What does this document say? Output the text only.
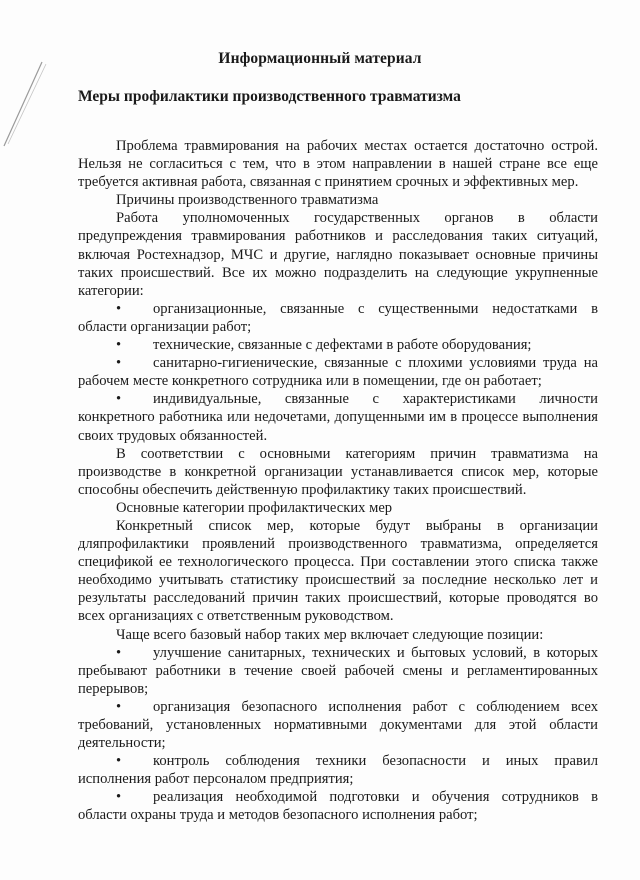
Информационный материал
Меры профилактики производственного травматизма

Проблема травмирования на рабочих местах остается достаточно острой. Нельзя не согласиться с тем, что в этом направлении в нашей стране все еще требуется активная работа, связанная с принятием срочных и эффективных мер.

Причины производственного травматизма

Работа уполномоченных государственных органов в области предупреждения травмирования работников и расследования таких ситуаций, включая Ростехнадзор, МЧС и другие, наглядно показывает основные причины таких происшествий. Все их можно подразделить на следующие укрупненные категории:

•	организационные, связанные с существенными недостатками в области организации работ;

•	технические, связанные с дефектами в работе оборудования;

•	санитарно-гигиенические, связанные с плохими условиями труда на рабочем месте конкретного сотрудника или в помещении, где он работает;

•	индивидуальные, связанные с характеристиками личности конкретного работника или недочетами, допущенными им в процессе выполнения своих трудовых обязанностей.

В соответствии с основными категориям причин травматизма на производстве в конкретной организации устанавливается список мер, которые способны обеспечить действенную профилактику таких происшествий.

Основные категории профилактических мер

Конкретный список мер, которые будут выбраны в организации дляпрофилактики проявлений производственного травматизма, определяется спецификой ее технологического процесса. При составлении этого списка также необходимо учитывать статистику происшествий за последние несколько лет и результаты расследований причин таких происшествий, которые проводятся во всех организациях с ответственным руководством.

Чаще всего базовый набор таких мер включает следующие позиции:

•	улучшение санитарных, технических и бытовых условий, в которых пребывают работники в течение своей рабочей смены и регламентированных перерывов;

•	организация безопасного исполнения работ с соблюдением всех требований, установленных нормативными документами для этой области деятельности;

•	контроль соблюдения техники безопасности и иных правил исполнения работ персоналом предприятия;

•	реализация необходимой подготовки и обучения сотрудников в области охраны труда и методов безопасного исполнения работ;
